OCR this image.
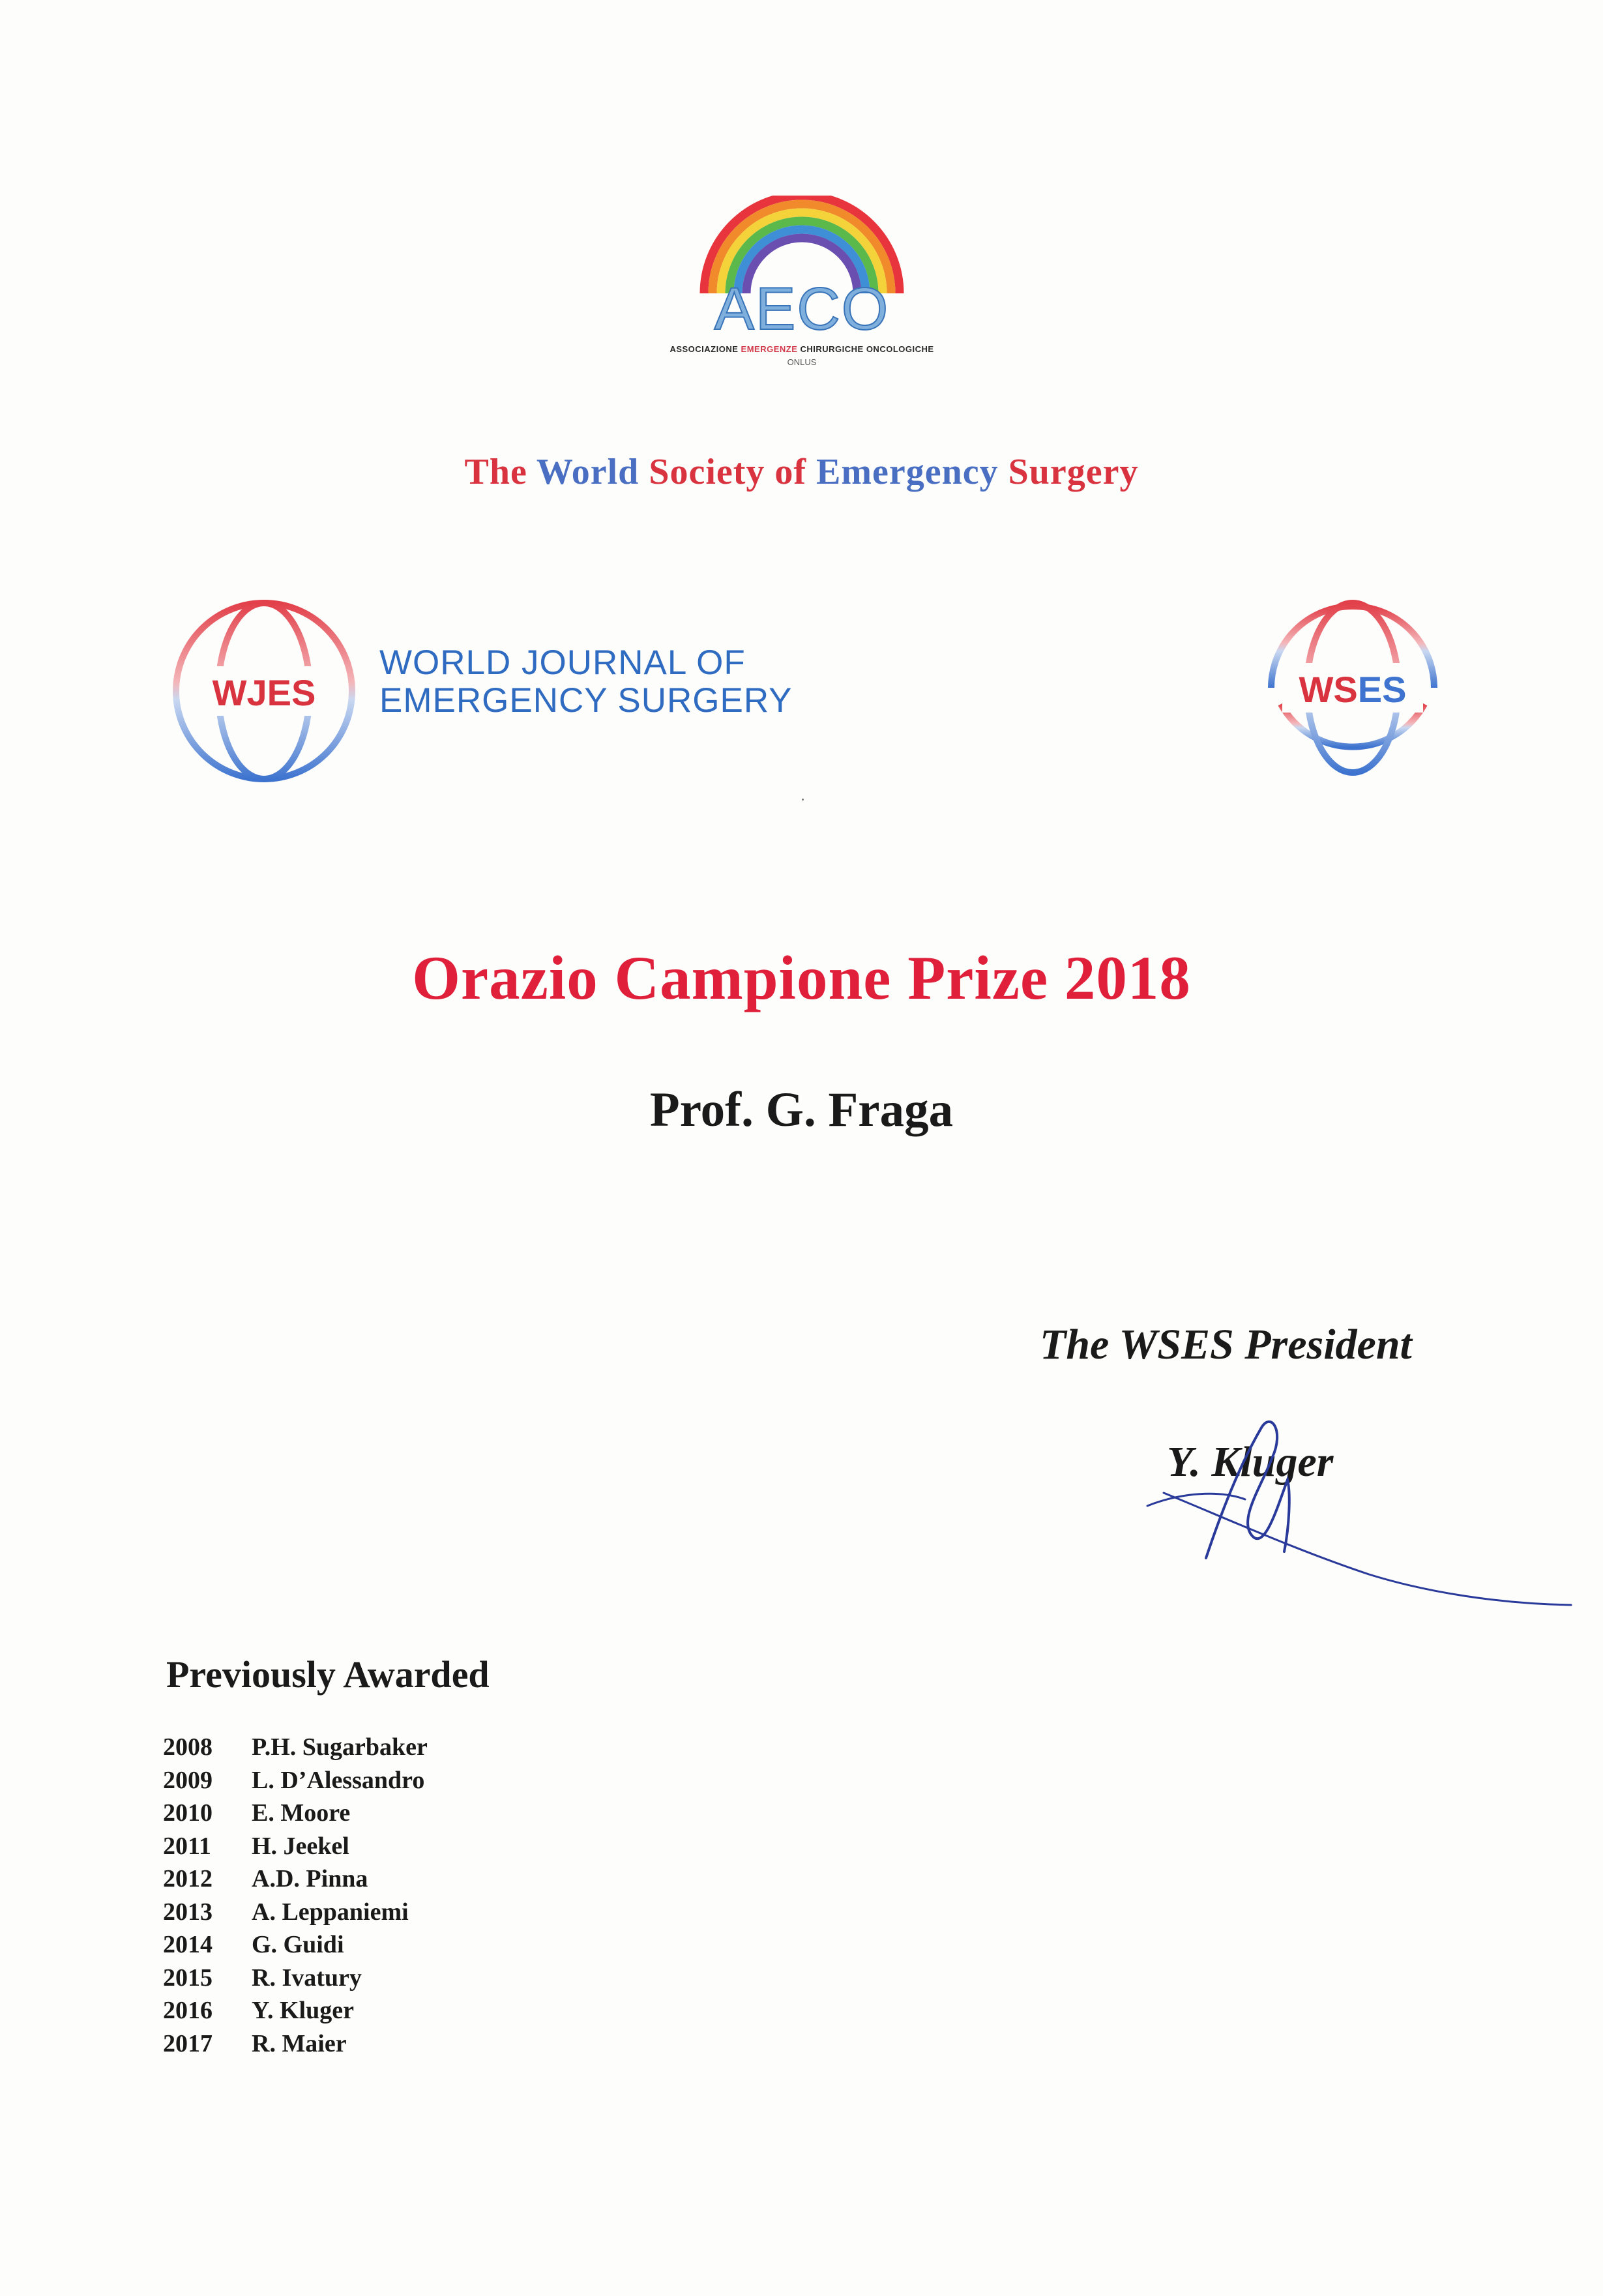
AECO
ASSOCIAZIONE EMERGENZE CHIRURGICHE ONCOLOGICHE
ONLUS
The World Society of Emergency Surgery
WJES
WORLD JOURNAL OF
EMERGENCY SURGERY	WSES
Orazio Campione Prize 2018
Prof. G. Fraga
The WSES President
Y. Kluger
Previously Awarded
2008 P.H. Sugarbaker
2009 L. D’Alessandro
2010 E. Moore
2011 H. Jeekel
2012 A.D. Pinna
2013 A. Leppaniemi
2014 G. Guidi
2015 R. Ivatury
2016 Y. Kluger
2017 R. Maier
